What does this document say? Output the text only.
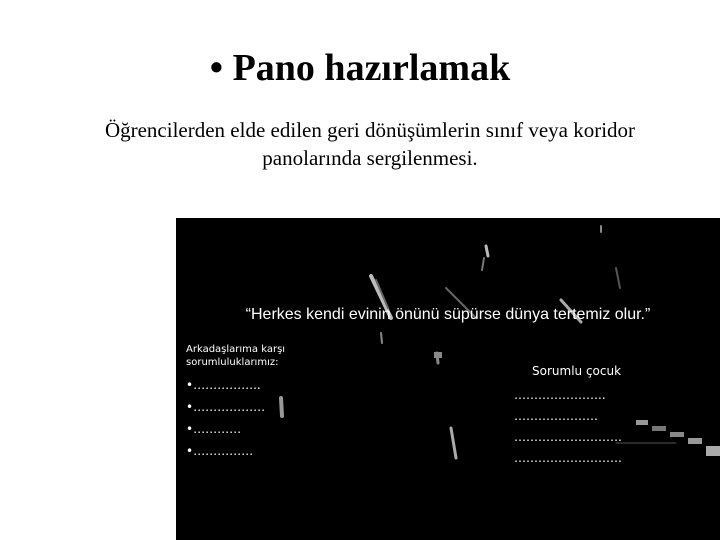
• Pano hazırlamak
Öğrencilerden elde edilen geri dönüşümlerin sınıf veya koridor
panolarında sergilenmesi.
“Herkes kendi evinin önünü süpürse dünya tertemiz olur.”
Arkadaşlarıma karşı
sorumluluklarımız:
•……………..
•………………
•…………
•……………
Sorumlu çocuk
…………………..
…………………
………………………
………………………
